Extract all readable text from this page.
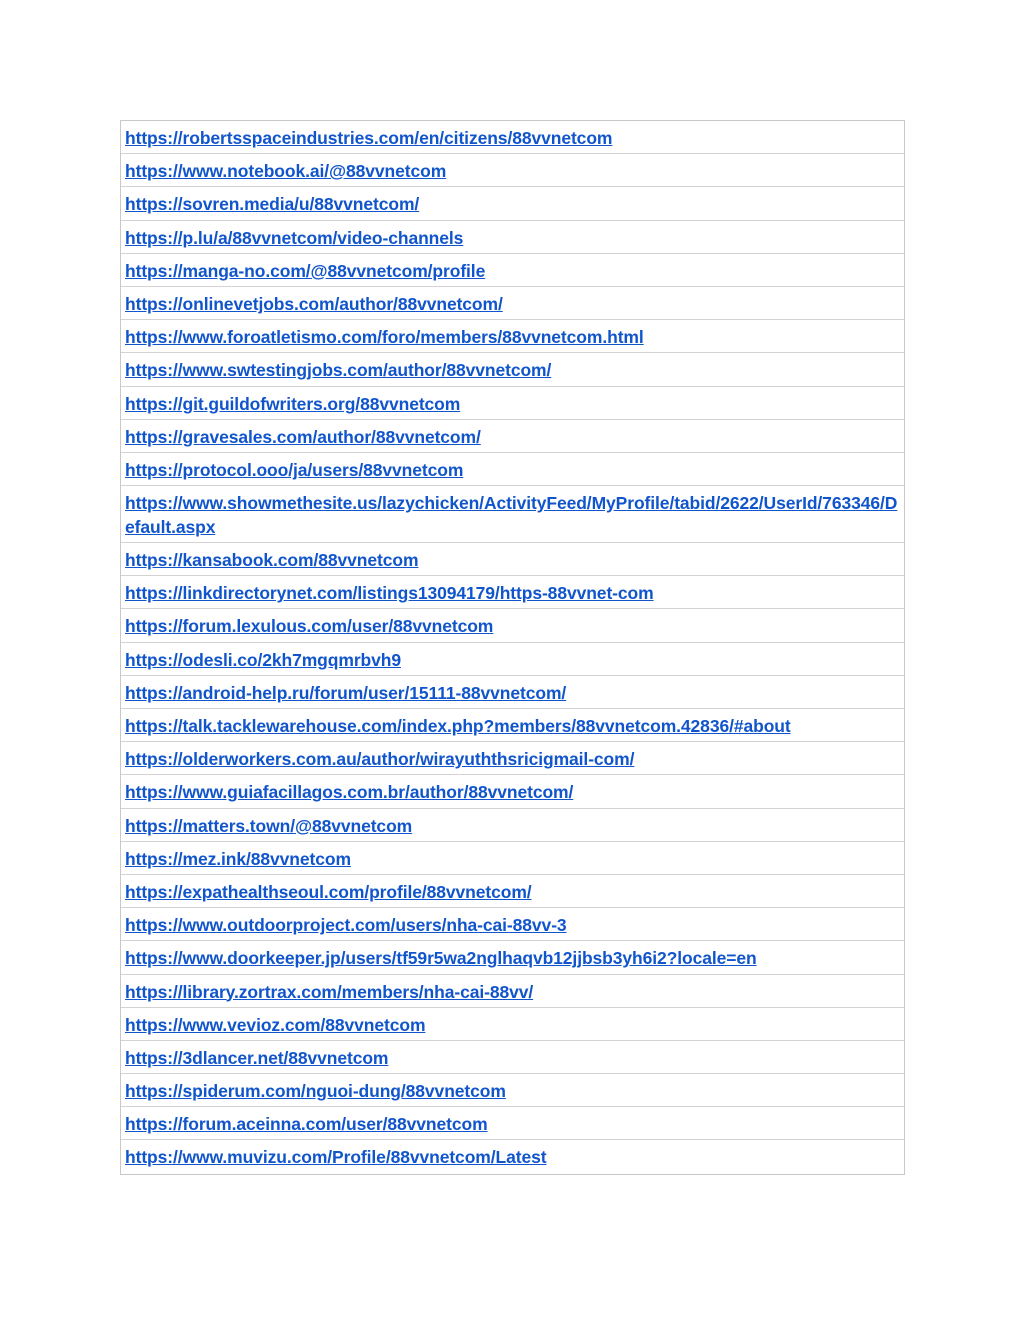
https://robertsspaceindustries.com/en/citizens/88vvnetcom
https://www.notebook.ai/@88vvnetcom
https://sovren.media/u/88vvnetcom/
https://p.lu/a/88vvnetcom/video-channels
https://manga-no.com/@88vvnetcom/profile
https://onlinevetjobs.com/author/88vvnetcom/
https://www.foroatletismo.com/foro/members/88vvnetcom.html
https://www.swtestingjobs.com/author/88vvnetcom/
https://git.guildofwriters.org/88vvnetcom
https://gravesales.com/author/88vvnetcom/
https://protocol.ooo/ja/users/88vvnetcom
https://www.showmethesite.us/lazychicken/ActivityFeed/MyProfile/tabid/2622/UserId/763346/Default.aspx
https://kansabook.com/88vvnetcom
https://linkdirectorynet.com/listings13094179/https-88vvnet-com
https://forum.lexulous.com/user/88vvnetcom
https://odesli.co/2kh7mgqmrbvh9
https://android-help.ru/forum/user/15111-88vvnetcom/
https://talk.tacklewarehouse.com/index.php?members/88vvnetcom.42836/#about
https://olderworkers.com.au/author/wirayuththsricigmail-com/
https://www.guiafacillagos.com.br/author/88vvnetcom/
https://matters.town/@88vvnetcom
https://mez.ink/88vvnetcom
https://expathealthseoul.com/profile/88vvnetcom/
https://www.outdoorproject.com/users/nha-cai-88vv-3
https://www.doorkeeper.jp/users/tf59r5wa2nglhaqvb12jjbsb3yh6i2?locale=en
https://library.zortrax.com/members/nha-cai-88vv/
https://www.vevioz.com/88vvnetcom
https://3dlancer.net/88vvnetcom
https://spiderum.com/nguoi-dung/88vvnetcom
https://forum.aceinna.com/user/88vvnetcom
https://www.muvizu.com/Profile/88vvnetcom/Latest
